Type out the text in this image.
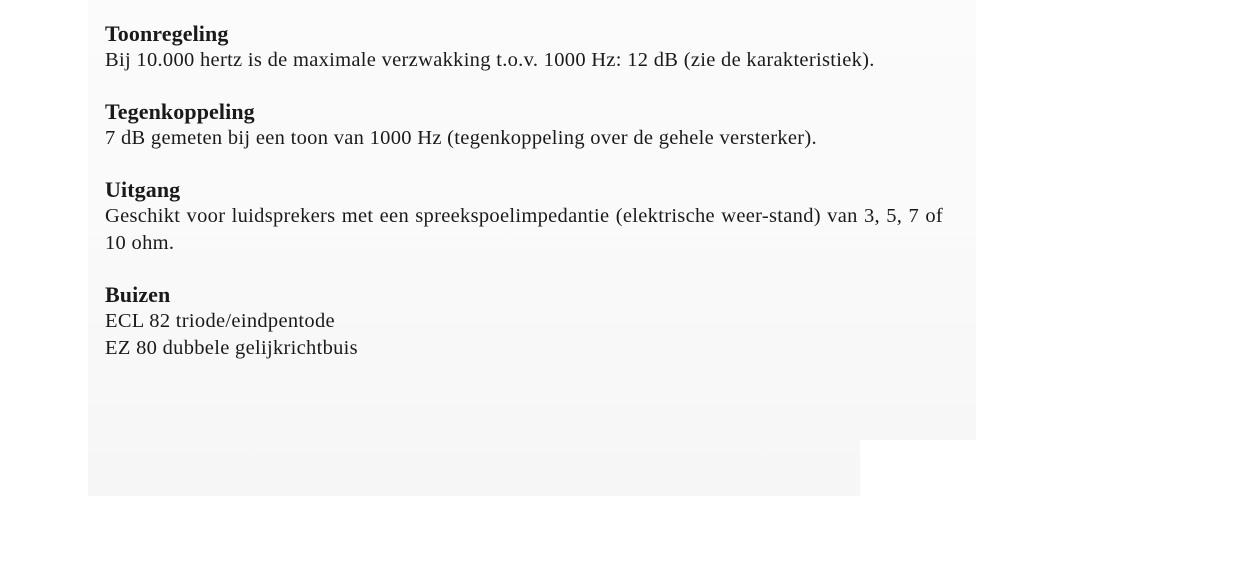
Toonregeling

Bij 10.000 hertz is de maximale verzwakking t.o.v. 1000 Hz: 12 dB (zie de karakteristiek).

Tegenkoppeling

7 dB gemeten bij een toon van 1000 Hz (tegenkoppeling over de gehele versterker).

Uitgang

Geschikt voor luidsprekers met een spreekspoelimpedantie (elektrische weer-stand) van 3, 5, 7 of 10 ohm.

Buizen
ECL 82 triode/eindpentode
EZ 80 dubbele gelijkrichtbuis
